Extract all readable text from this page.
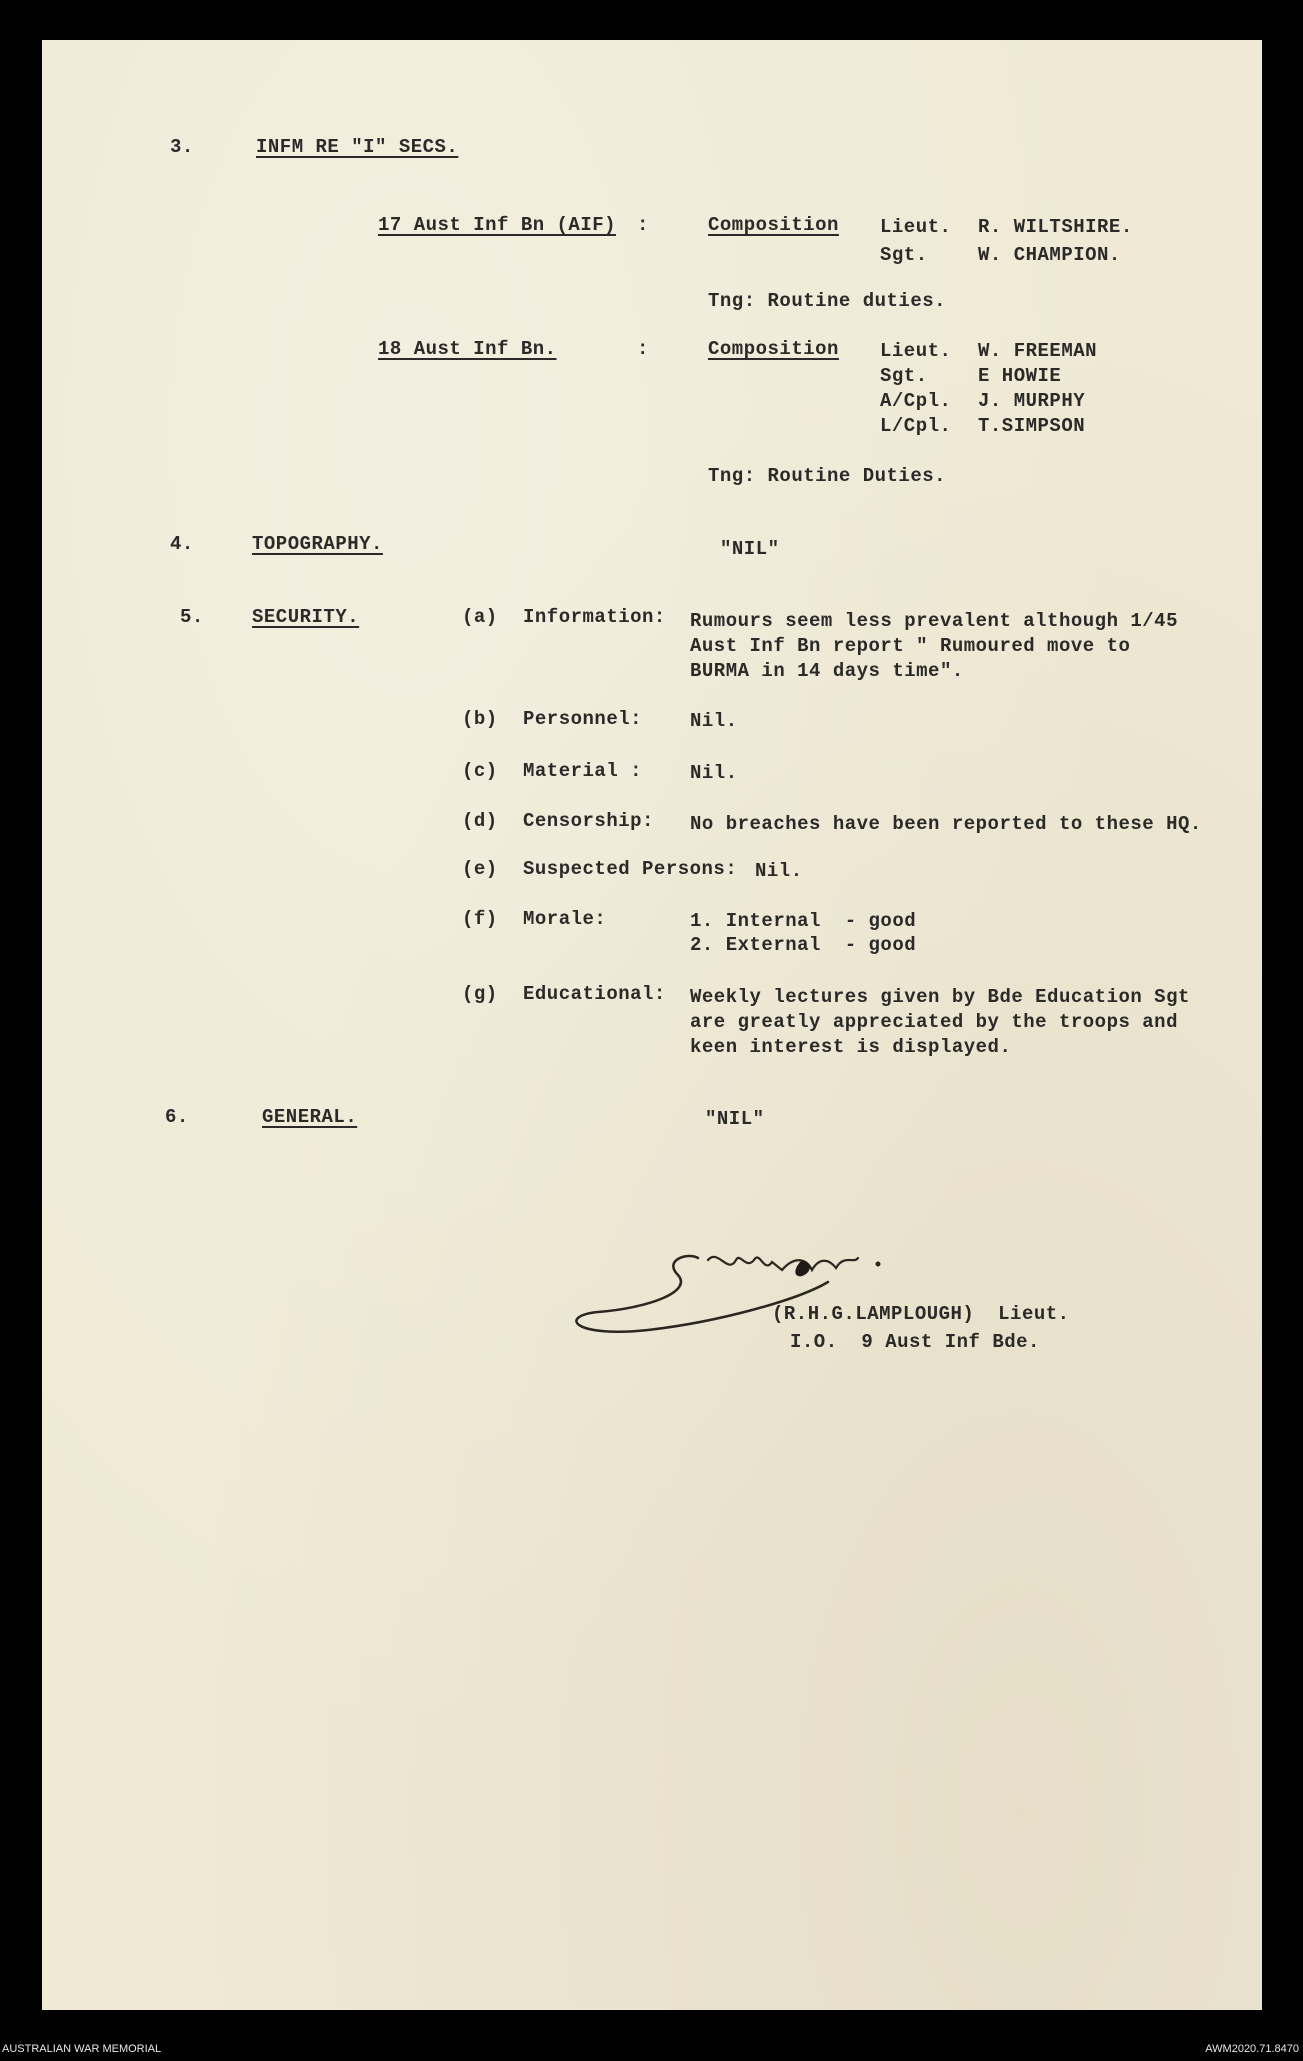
3.	INFM RE "I" SECS.
17 Aust Inf Bn (AIF) :	Composition Lieut. R. WILTSHIRE.
Sgt.	W. CHAMPION.
Tng: Routine duties.
18 Aust Inf Bn.	:	Composition Lieut. W. FREEMAN
Sgt.	E HOWIE
A/Cpl. J. MURPHY
L/Cpl. T.SIMPSON
Tng: Routine Duties.
4.	TOPOGRAPHY.	"NIL"
5.	SECURITY.	(a) Information: Rumours seem less prevalent although 1/45
Aust Inf Bn report " Rumoured move to
BURMA in 14 days time".
(b) Personnel:	Nil.
(c) Material :	Nil.
(d) Censorship: No breaches have been reported to these HQ.
(e) Suspected Persons: Nil.
(f) Morale:	1. Internal  - good
2. External  - good
(g) Educational: Weekly lectures given by Bde Education Sgt
are greatly appreciated by the troops and
keen interest is displayed.
6.	GENERAL.	"NIL"
(R.H.G.LAMPLOUGH)  Lieut.
I.O.  9 Aust Inf Bde.
AUSTRALIAN WAR MEMORIAL	AWM2020.71.8470
